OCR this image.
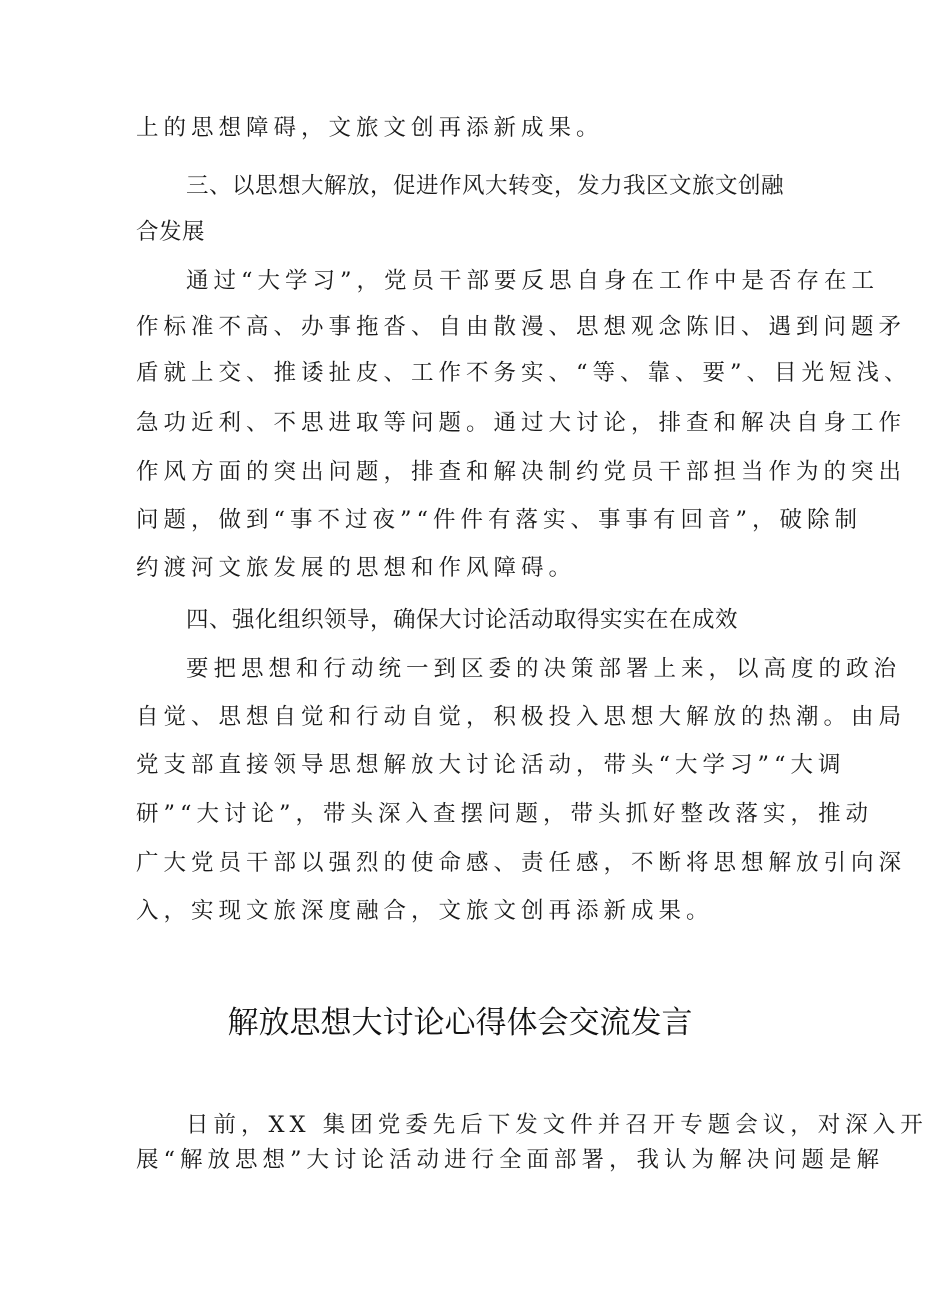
上的思想障碍，文旅文创再添新成果。
三、以思想大解放，促进作风大转变，发力我区文旅文创融
合发展
通过“大学习”，党员干部要反思自身在工作中是否存在工
作标准不高、办事拖沓、自由散漫、思想观念陈旧、遇到问题矛
盾就上交、推诿扯皮、工作不务实、“等、靠、要”、目光短浅、
急功近利、不思进取等问题。通过大讨论，排查和解决自身工作
作风方面的突出问题，排查和解决制约党员干部担当作为的突出
问题，做到“事不过夜”“件件有落实、事事有回音”，破除制
约渡河文旅发展的思想和作风障碍。
四、强化组织领导，确保大讨论活动取得实实在在成效
要把思想和行动统一到区委的决策部署上来，以高度的政治
自觉、思想自觉和行动自觉，积极投入思想大解放的热潮。由局
党支部直接领导思想解放大讨论活动，带头“大学习”“大调
研”“大讨论”，带头深入查摆问题，带头抓好整改落实，推动
广大党员干部以强烈的使命感、责任感，不断将思想解放引向深
入，实现文旅深度融合，文旅文创再添新成果。
解放思想大讨论心得体会交流发言
日前，XX 集团党委先后下发文件并召开专题会议，对深入开
展“解放思想”大讨论活动进行全面部署，我认为解决问题是解
